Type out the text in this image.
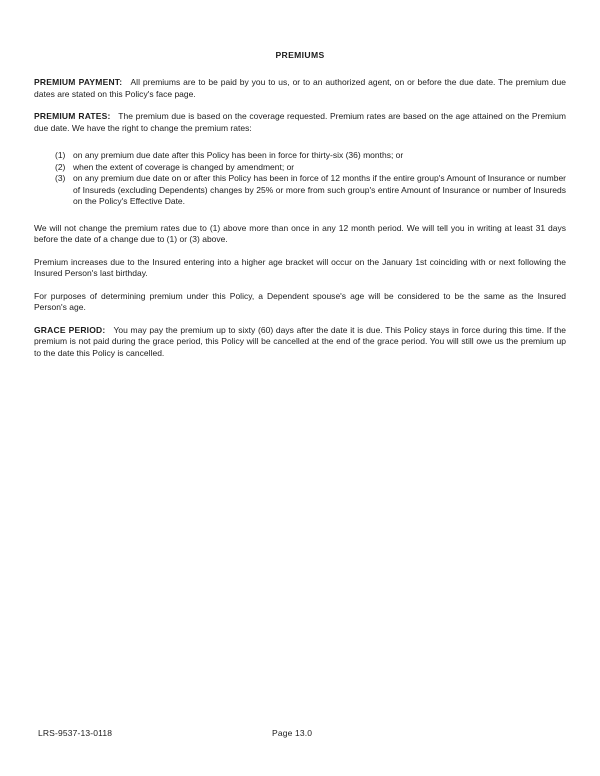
PREMIUMS

PREMIUM PAYMENT: All premiums are to be paid by you to us, or to an authorized agent, on or before the due date. The premium due dates are stated on this Policy's face page.

PREMIUM RATES: The premium due is based on the coverage requested. Premium rates are based on the age attained on the Premium due date. We have the right to change the premium rates:

(1) on any premium due date after this Policy has been in force for thirty-six (36) months; or
(2) when the extent of coverage is changed by amendment; or
(3) on any premium due date on or after this Policy has been in force of 12 months if the entire group's Amount of Insurance or number of Insureds (excluding Dependents) changes by 25% or more from such group's entire Amount of Insurance or number of Insureds on the Policy's Effective Date.

We will not change the premium rates due to (1) above more than once in any 12 month period. We will tell you in writing at least 31 days before the date of a change due to (1) or (3) above.

Premium increases due to the Insured entering into a higher age bracket will occur on the January 1st coinciding with or next following the Insured Person's last birthday.

For purposes of determining premium under this Policy, a Dependent spouse's age will be considered to be the same as the Insured Person's age.

GRACE PERIOD: You may pay the premium up to sixty (60) days after the date it is due. This Policy stays in force during this time. If the premium is not paid during the grace period, this Policy will be cancelled at the end of the grace period. You will still owe us the premium up to the date this Policy is cancelled.

LRS-9537-13-0118	Page 13.0
